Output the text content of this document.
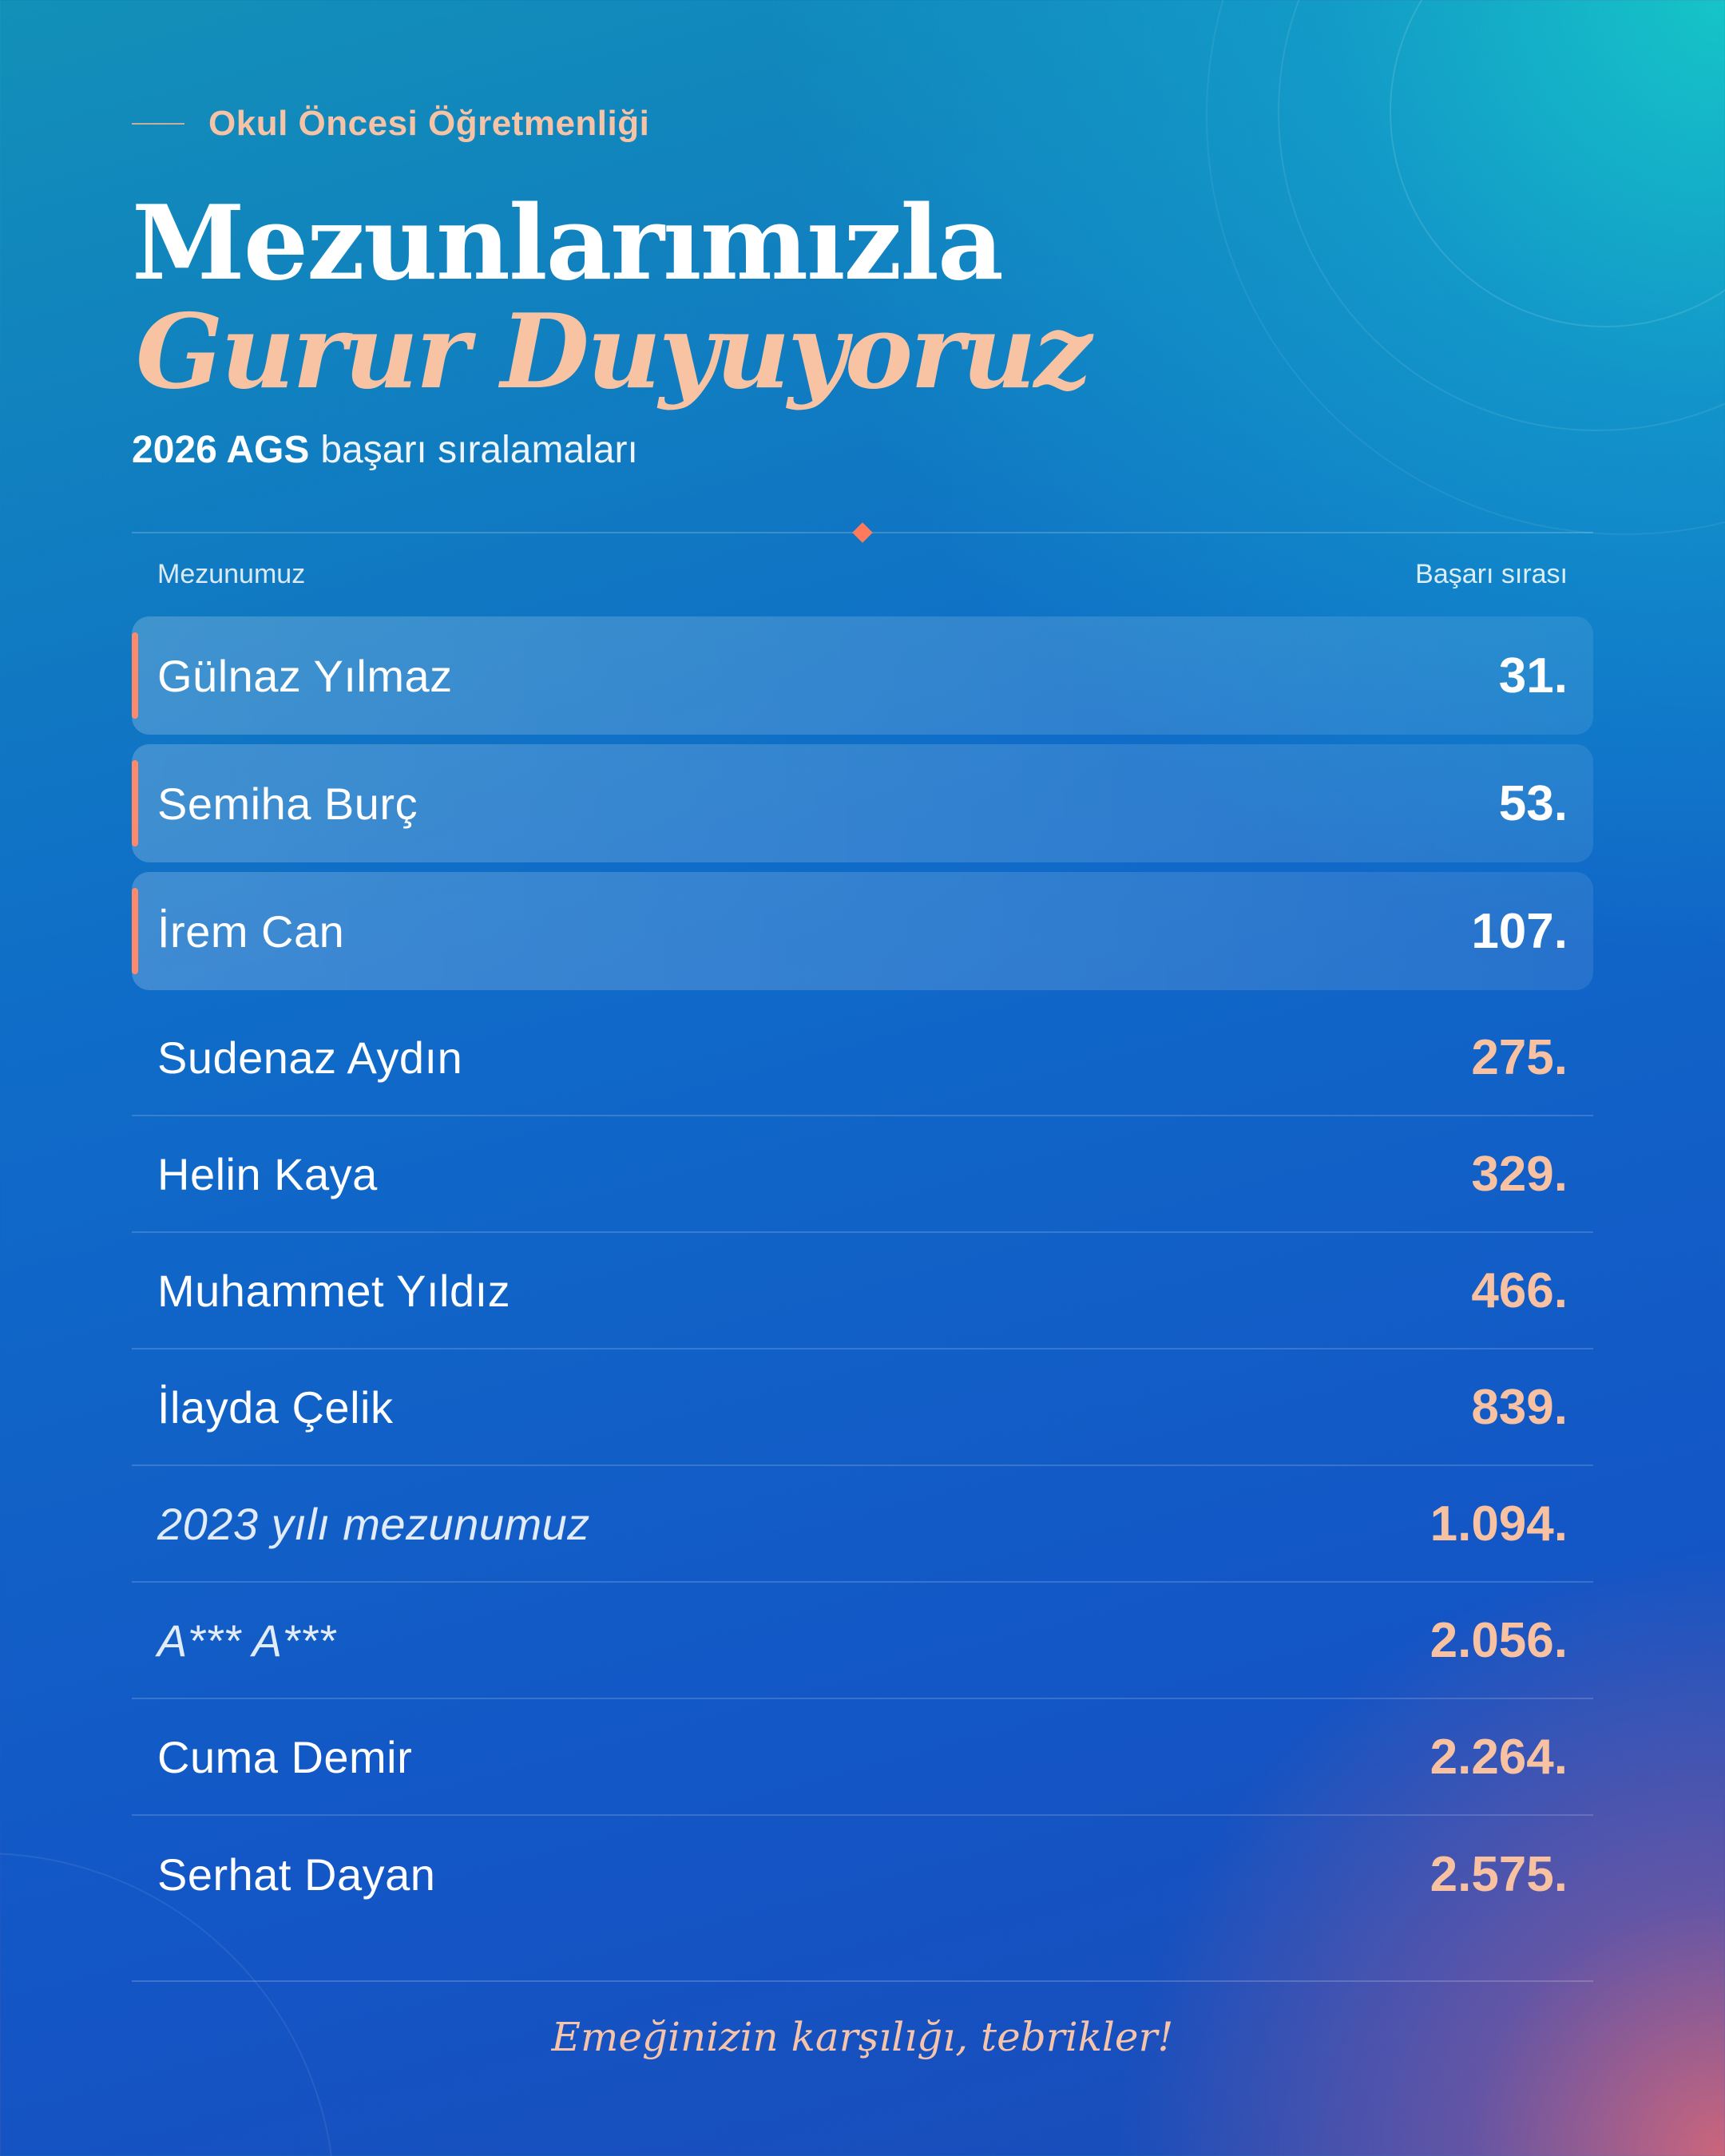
Okul Öncesi Öğretmenliği
Mezunlarımızla
Gurur Duyuyoruz
2026 AGS başarı sıralamaları
Mezunumuz	Başarı sırası
Gülnaz Yılmaz	31.
Semiha Burç	53.
İrem Can	107.
Sudenaz Aydın	275.
Helin Kaya	329.
Muhammet Yıldız	466.
İlayda Çelik	839.
2023 yılı mezunumuz	1.094.
A*** A***	2.056.
Cuma Demir	2.264.
Serhat Dayan	2.575.
Emeğinizin karşılığı, tebrikler!
